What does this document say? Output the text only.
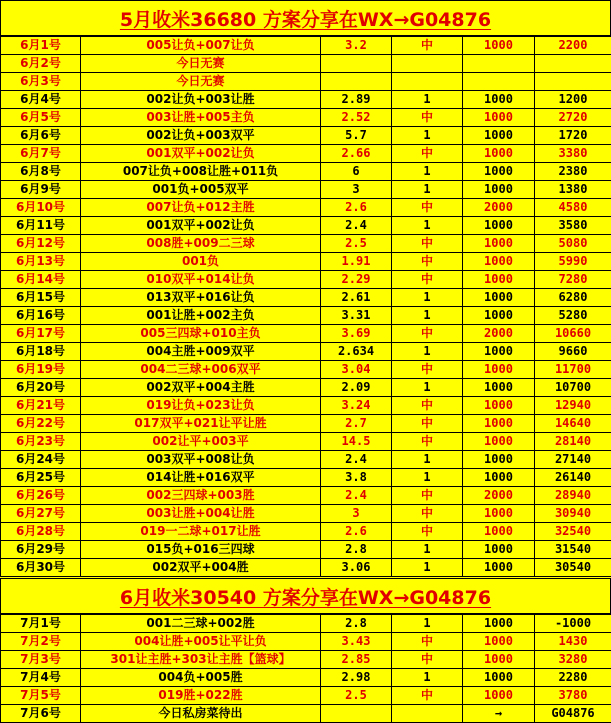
5月收米36680 方案分享在WX→G04876
6月1号	005让负+007让负	3.2	中	1000	2200
6月2号	今日无赛				
6月3号	今日无赛				
6月4号	002让负+003让胜	2.89	1	1000	1200
6月5号	003让胜+005主负	2.52	中	1000	2720
6月6号	002让负+003双平	5.7	1	1000	1720
6月7号	001双平+002让负	2.66	中	1000	3380
6月8号	007让负+008让胜+011负	6	1	1000	2380
6月9号	001负+005双平	3	1	1000	1380
6月10号	007让负+012主胜	2.6	中	2000	4580
6月11号	001双平+002让负	2.4	1	1000	3580
6月12号	008胜+009二三球	2.5	中	1000	5080
6月13号	001负	1.91	中	1000	5990
6月14号	010双平+014让负	2.29	中	1000	7280
6月15号	013双平+016让负	2.61	1	1000	6280
6月16号	001让胜+002主负	3.31	1	1000	5280
6月17号	005三四球+010主负	3.69	中	2000	10660
6月18号	004主胜+009双平	2.634	1	1000	9660
6月19号	004二三球+006双平	3.04	中	1000	11700
6月20号	002双平+004主胜	2.09	1	1000	10700
6月21号	019让负+023让负	3.24	中	1000	12940
6月22号	017双平+021让平让胜	2.7	中	1000	14640
6月23号	002让平+003平	14.5	中	1000	28140
6月24号	003双平+008让负	2.4	1	1000	27140
6月25号	014让胜+016双平	3.8	1	1000	26140
6月26号	002三四球+003胜	2.4	中	2000	28940
6月27号	003让胜+004让胜	3	中	1000	30940
6月28号	019一二球+017让胜	2.6	中	1000	32540
6月29号	015负+016三四球	2.8	1	1000	31540
6月30号	002双平+004胜	3.06	1	1000	30540
6月收米30540 方案分享在WX→G04876
7月1号	001二三球+002胜	2.8	1	1000	-1000
7月2号	004让胜+005让平让负	3.43	中	1000	1430
7月3号	301让主胜+303让主胜【篮球】	2.85	中	1000	3280
7月4号	004负+005胜	2.98	1	1000	2280
7月5号	019胜+022胜	2.5	中	1000	3780
7月6号	今日私房菜待出			→	G04876
